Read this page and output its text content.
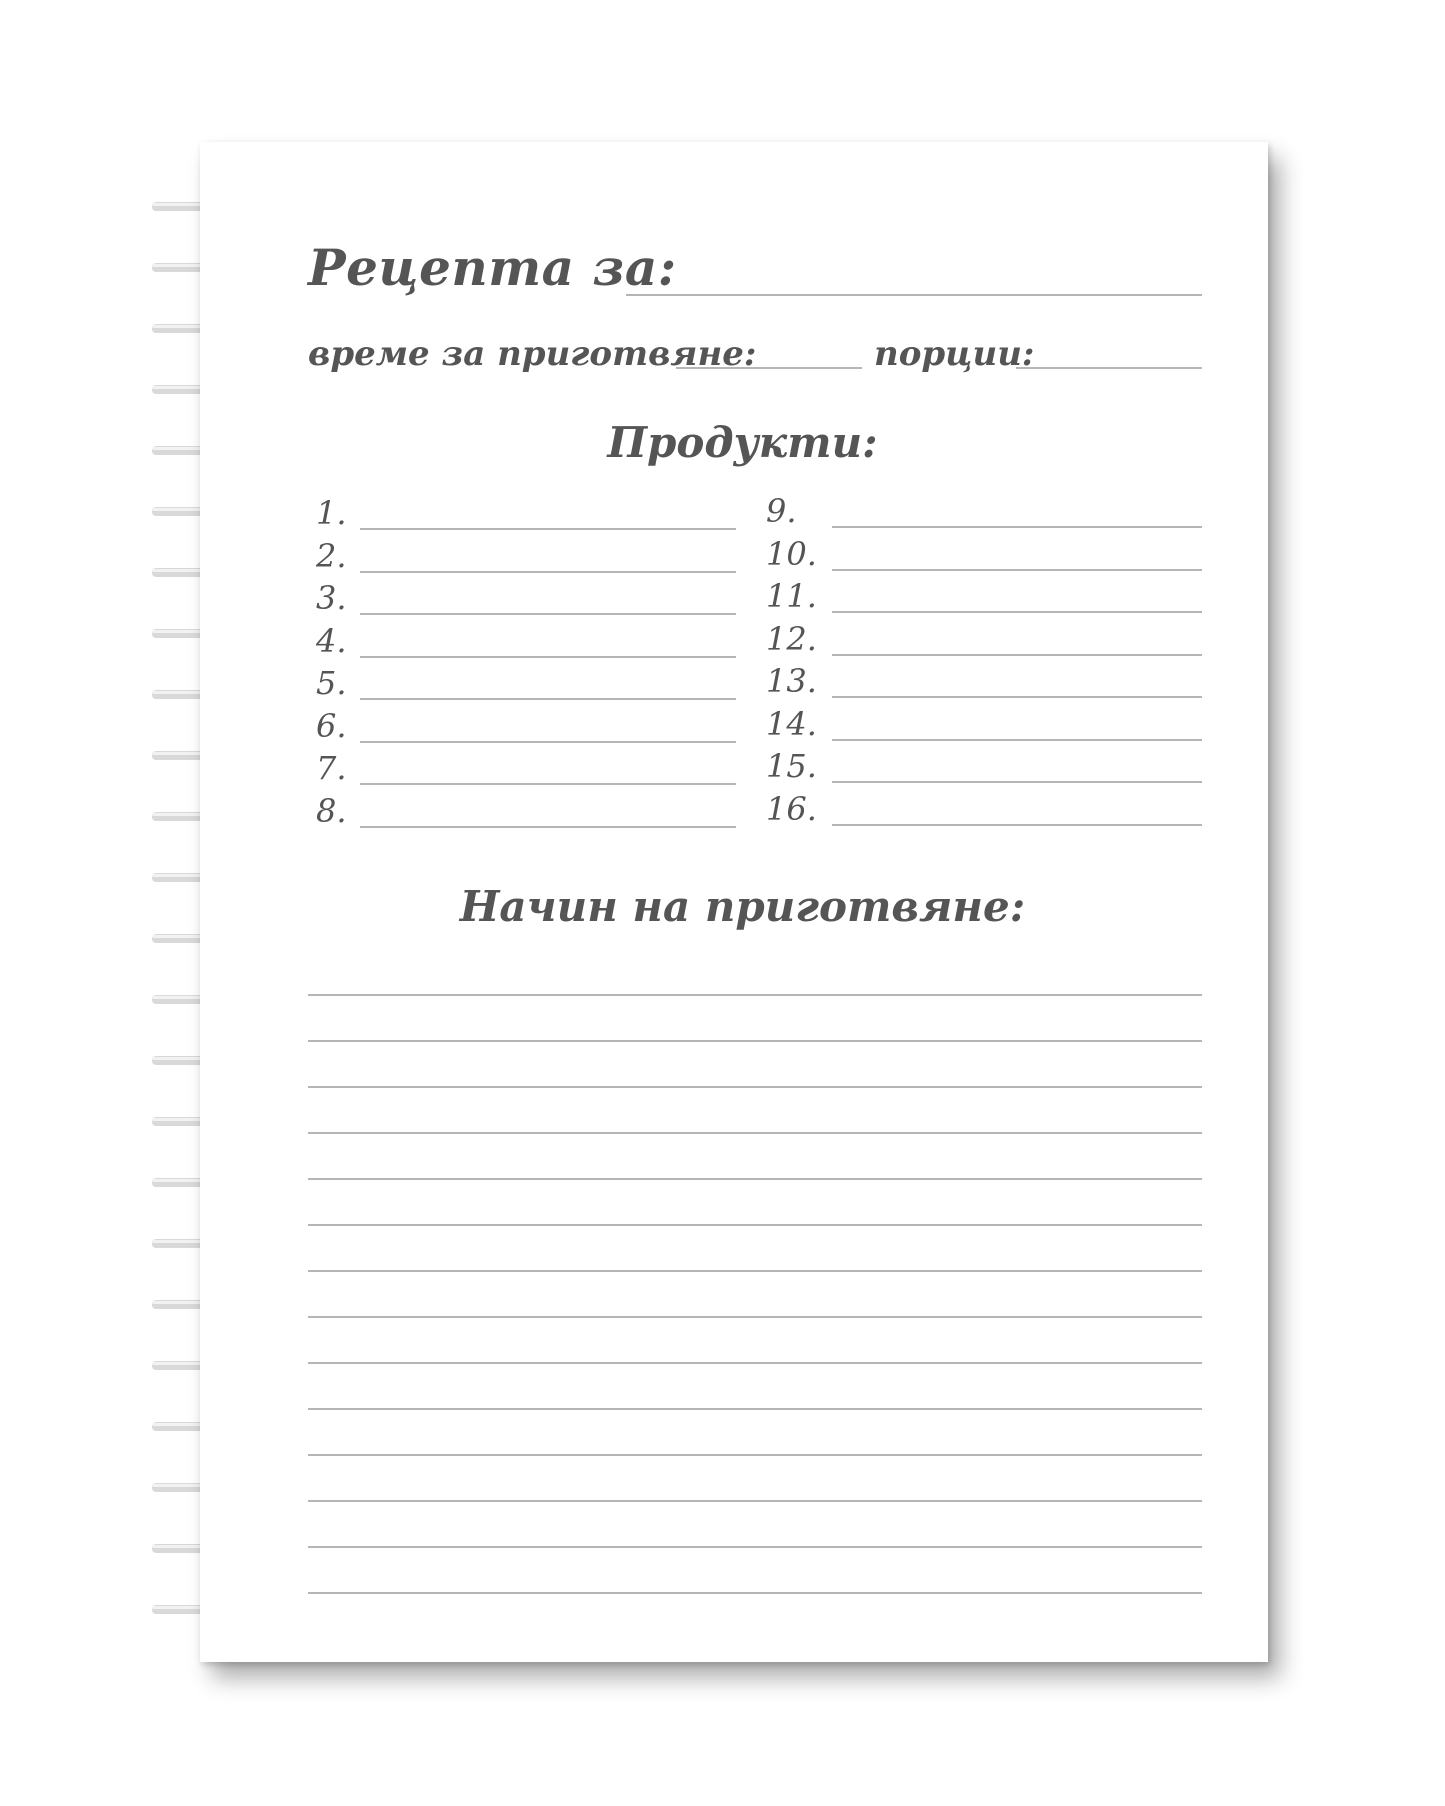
Рецепта за:
време за приготвяне:	порции:
Продукти:
1.
2.
3.
4.
5.
6.
7.
8.
9.
10.
11.
12.
13.
14.
15.
16.
Начин на приготвяне:
